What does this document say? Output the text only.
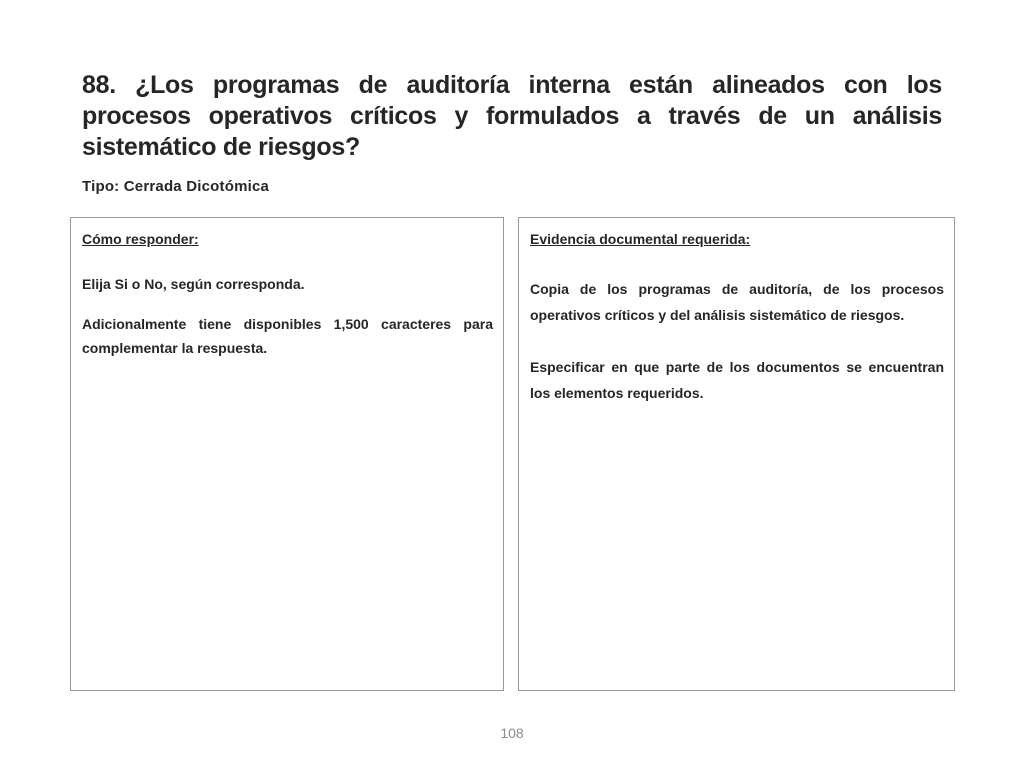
88. ¿Los programas de auditoría interna están alineados con los procesos operativos críticos y formulados a través de un análisis sistemático de riesgos?
Tipo: Cerrada Dicotómica
Cómo responder:

Elija Si o No, según corresponda.

Adicionalmente tiene disponibles 1,500 caracteres para complementar la respuesta.

Evidencia documental requerida:

Copia de los programas de auditoría, de los procesos operativos críticos y del análisis sistemático de riesgos.

Especificar en que parte de los documentos se encuentran los elementos requeridos.

108
